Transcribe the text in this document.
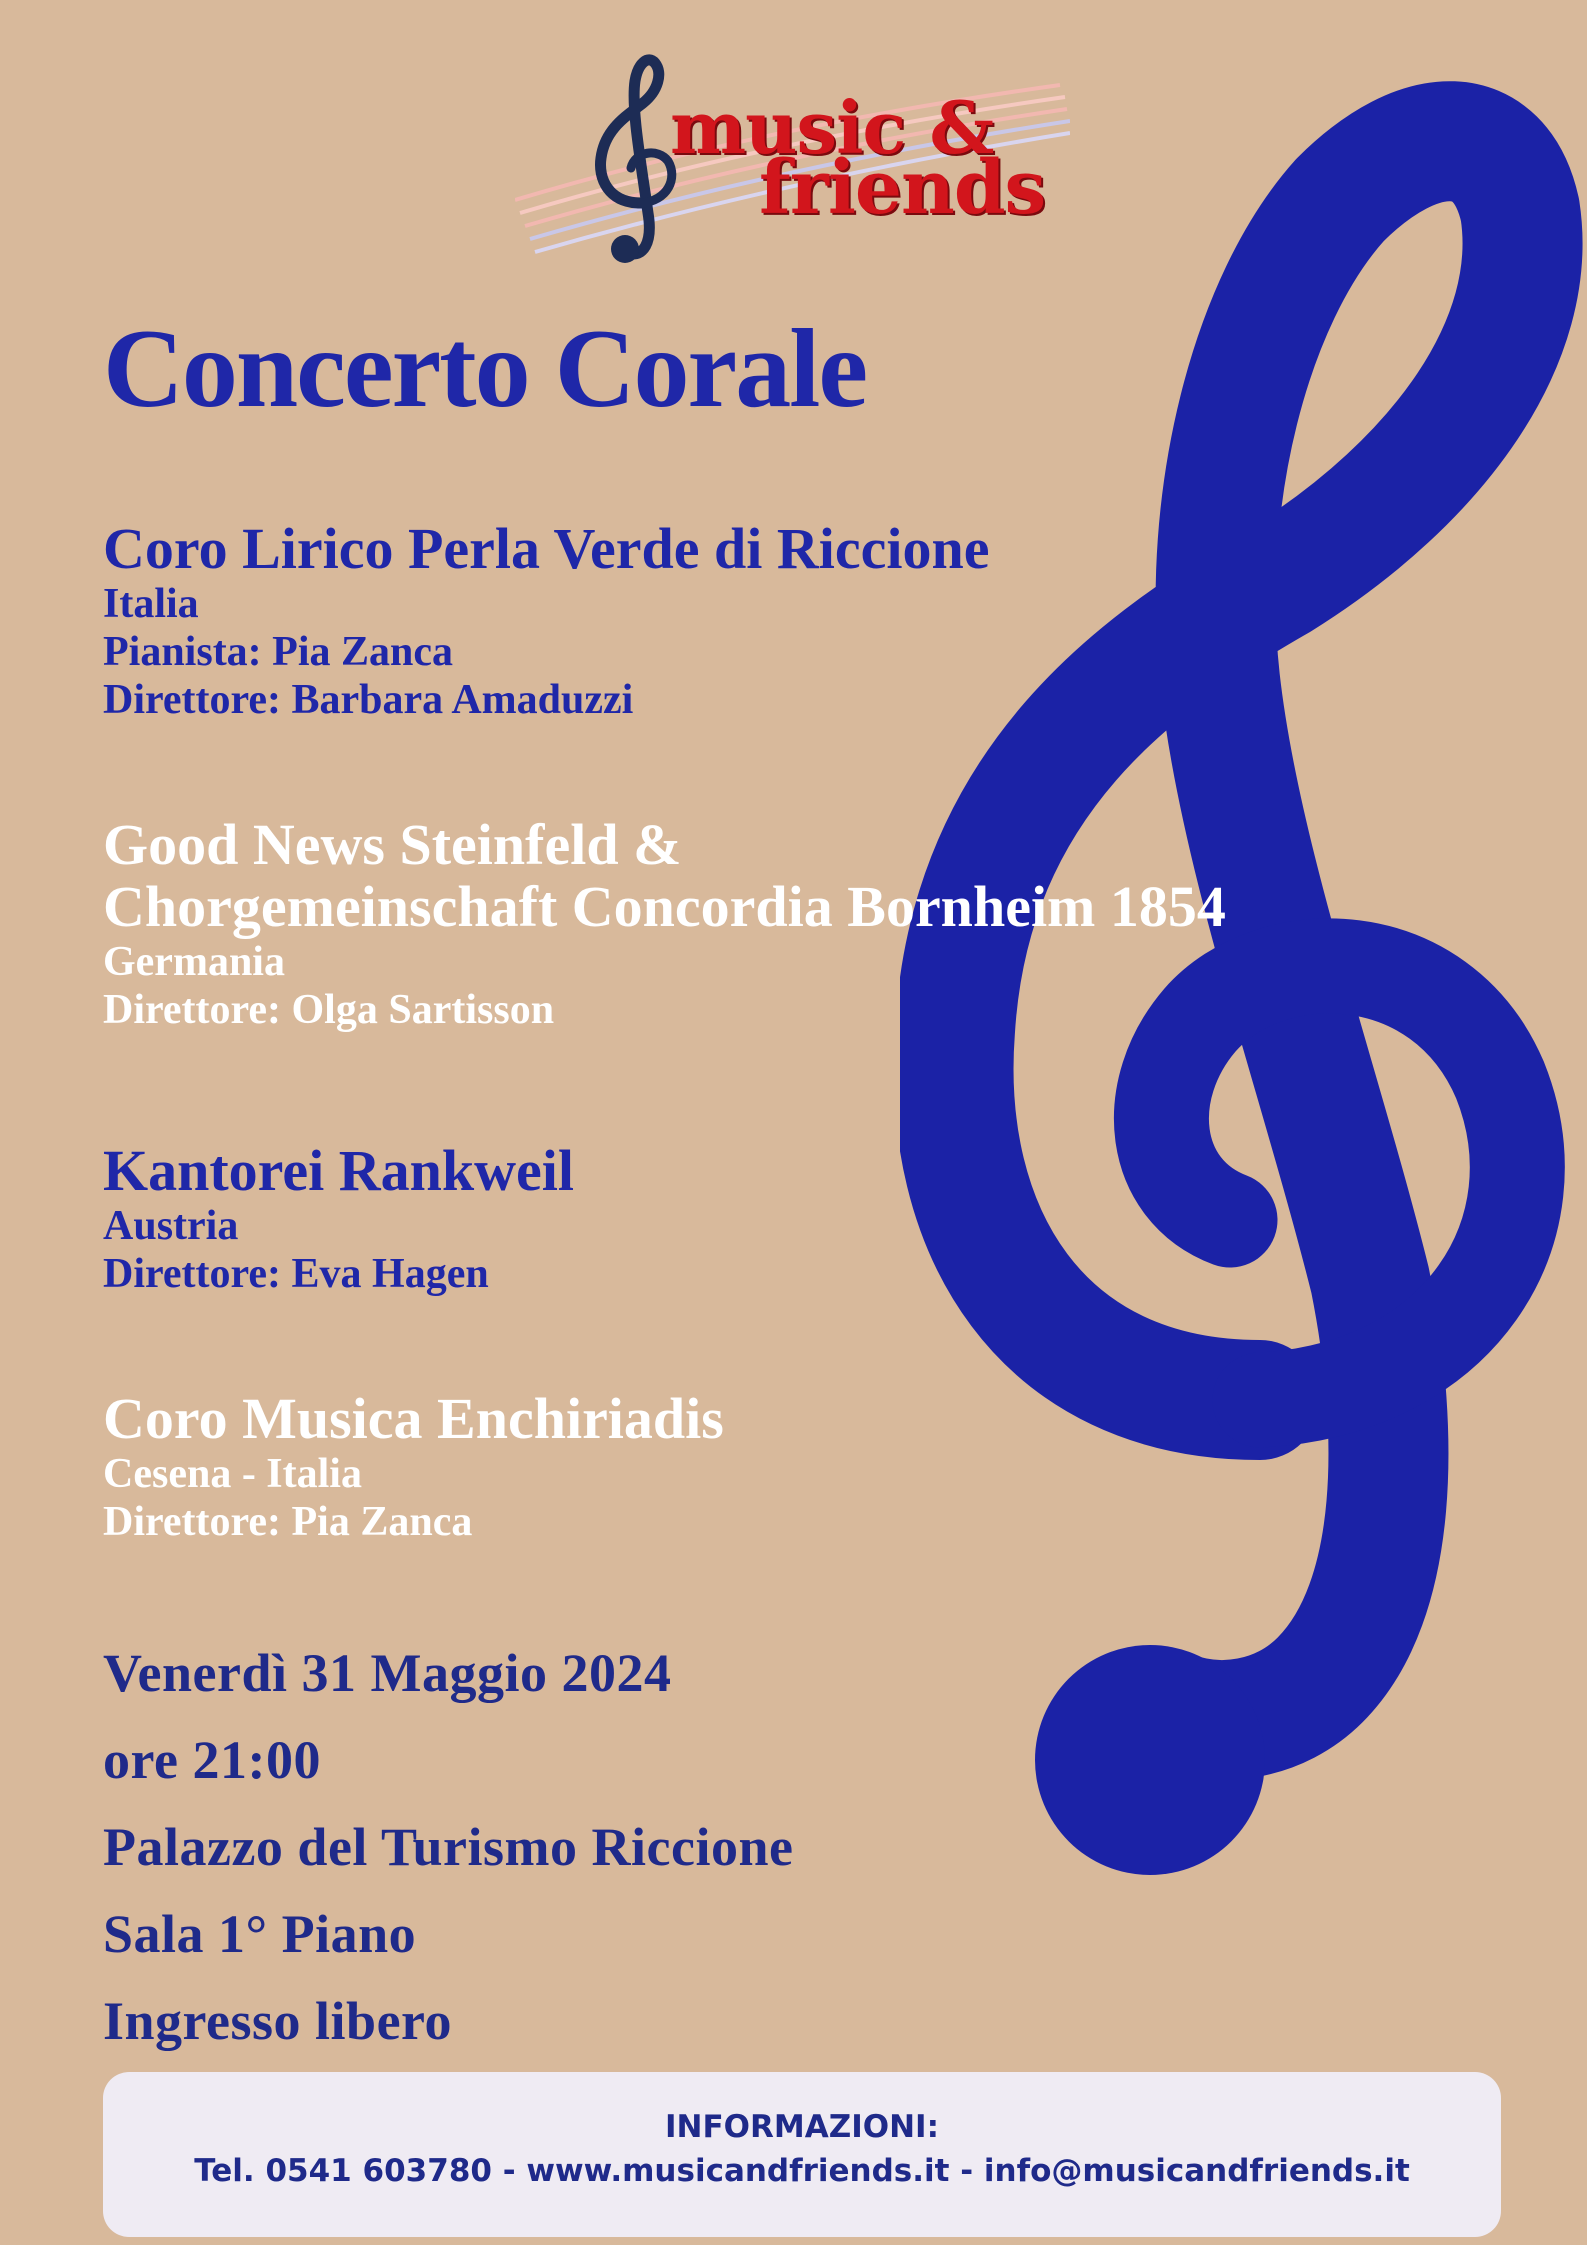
music &
friends
Concerto Corale
Coro Lirico Perla Verde di Riccione
Italia
Pianista: Pia Zanca
Direttore: Barbara Amaduzzi
Good News Steinfeld &
Chorgemeinschaft Concordia Bornheim 1854
Germania
Direttore: Olga Sartisson
Kantorei Rankweil
Austria
Direttore: Eva Hagen
Coro Musica Enchiriadis
Cesena - Italia
Direttore: Pia Zanca
Venerdì 31 Maggio 2024
ore 21:00
Palazzo del Turismo Riccione
Sala 1° Piano
Ingresso libero
INFORMAZIONI:
Tel. 0541 603780 - www.musicandfriends.it - info@musicandfriends.it
